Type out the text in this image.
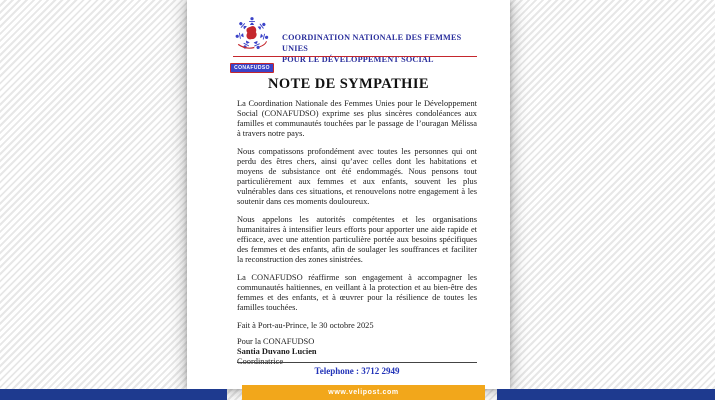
CONAFUDSO
COORDINATION NATIONALE DES FEMMES UNIES
POUR LE DÉVELOPPEMENT SOCIAL
NOTE DE SYMPATHIE

La Coordination Nationale des Femmes Unies pour le Développement Social (CONAFUDSO) exprime ses plus sincères condoléances aux familles et communautés touchées par le passage de l’ouragan Mélissa à travers notre pays.

Nous compatissons profondément avec toutes les personnes qui ont perdu des êtres chers, ainsi qu’avec celles dont les habitations et moyens de subsistance ont été endommagés. Nous pensons tout particulièrement aux femmes et aux enfants, souvent les plus vulnérables dans ces situations, et renouvelons notre engagement à les soutenir dans ces moments douloureux.

Nous appelons les autorités compétentes et les organisations humanitaires à intensifier leurs efforts pour apporter une aide rapide et efficace, avec une attention particulière portée aux besoins spécifiques des femmes et des enfants, afin de soulager les souffrances et faciliter la reconstruction des zones sinistrées.

La CONAFUDSO réaffirme son engagement à accompagner les communautés haïtiennes, en veillant à la protection et au bien-être des femmes et des enfants, et à œuvrer pour la résilience de toutes les familles touchées.

Fait à Port-au-Prince, le 30 octobre 2025
Pour la CONAFUDSO
Santia Duvano Lucien
Coordinatrice
Telephone : 3712 2949
www.velipost.com
